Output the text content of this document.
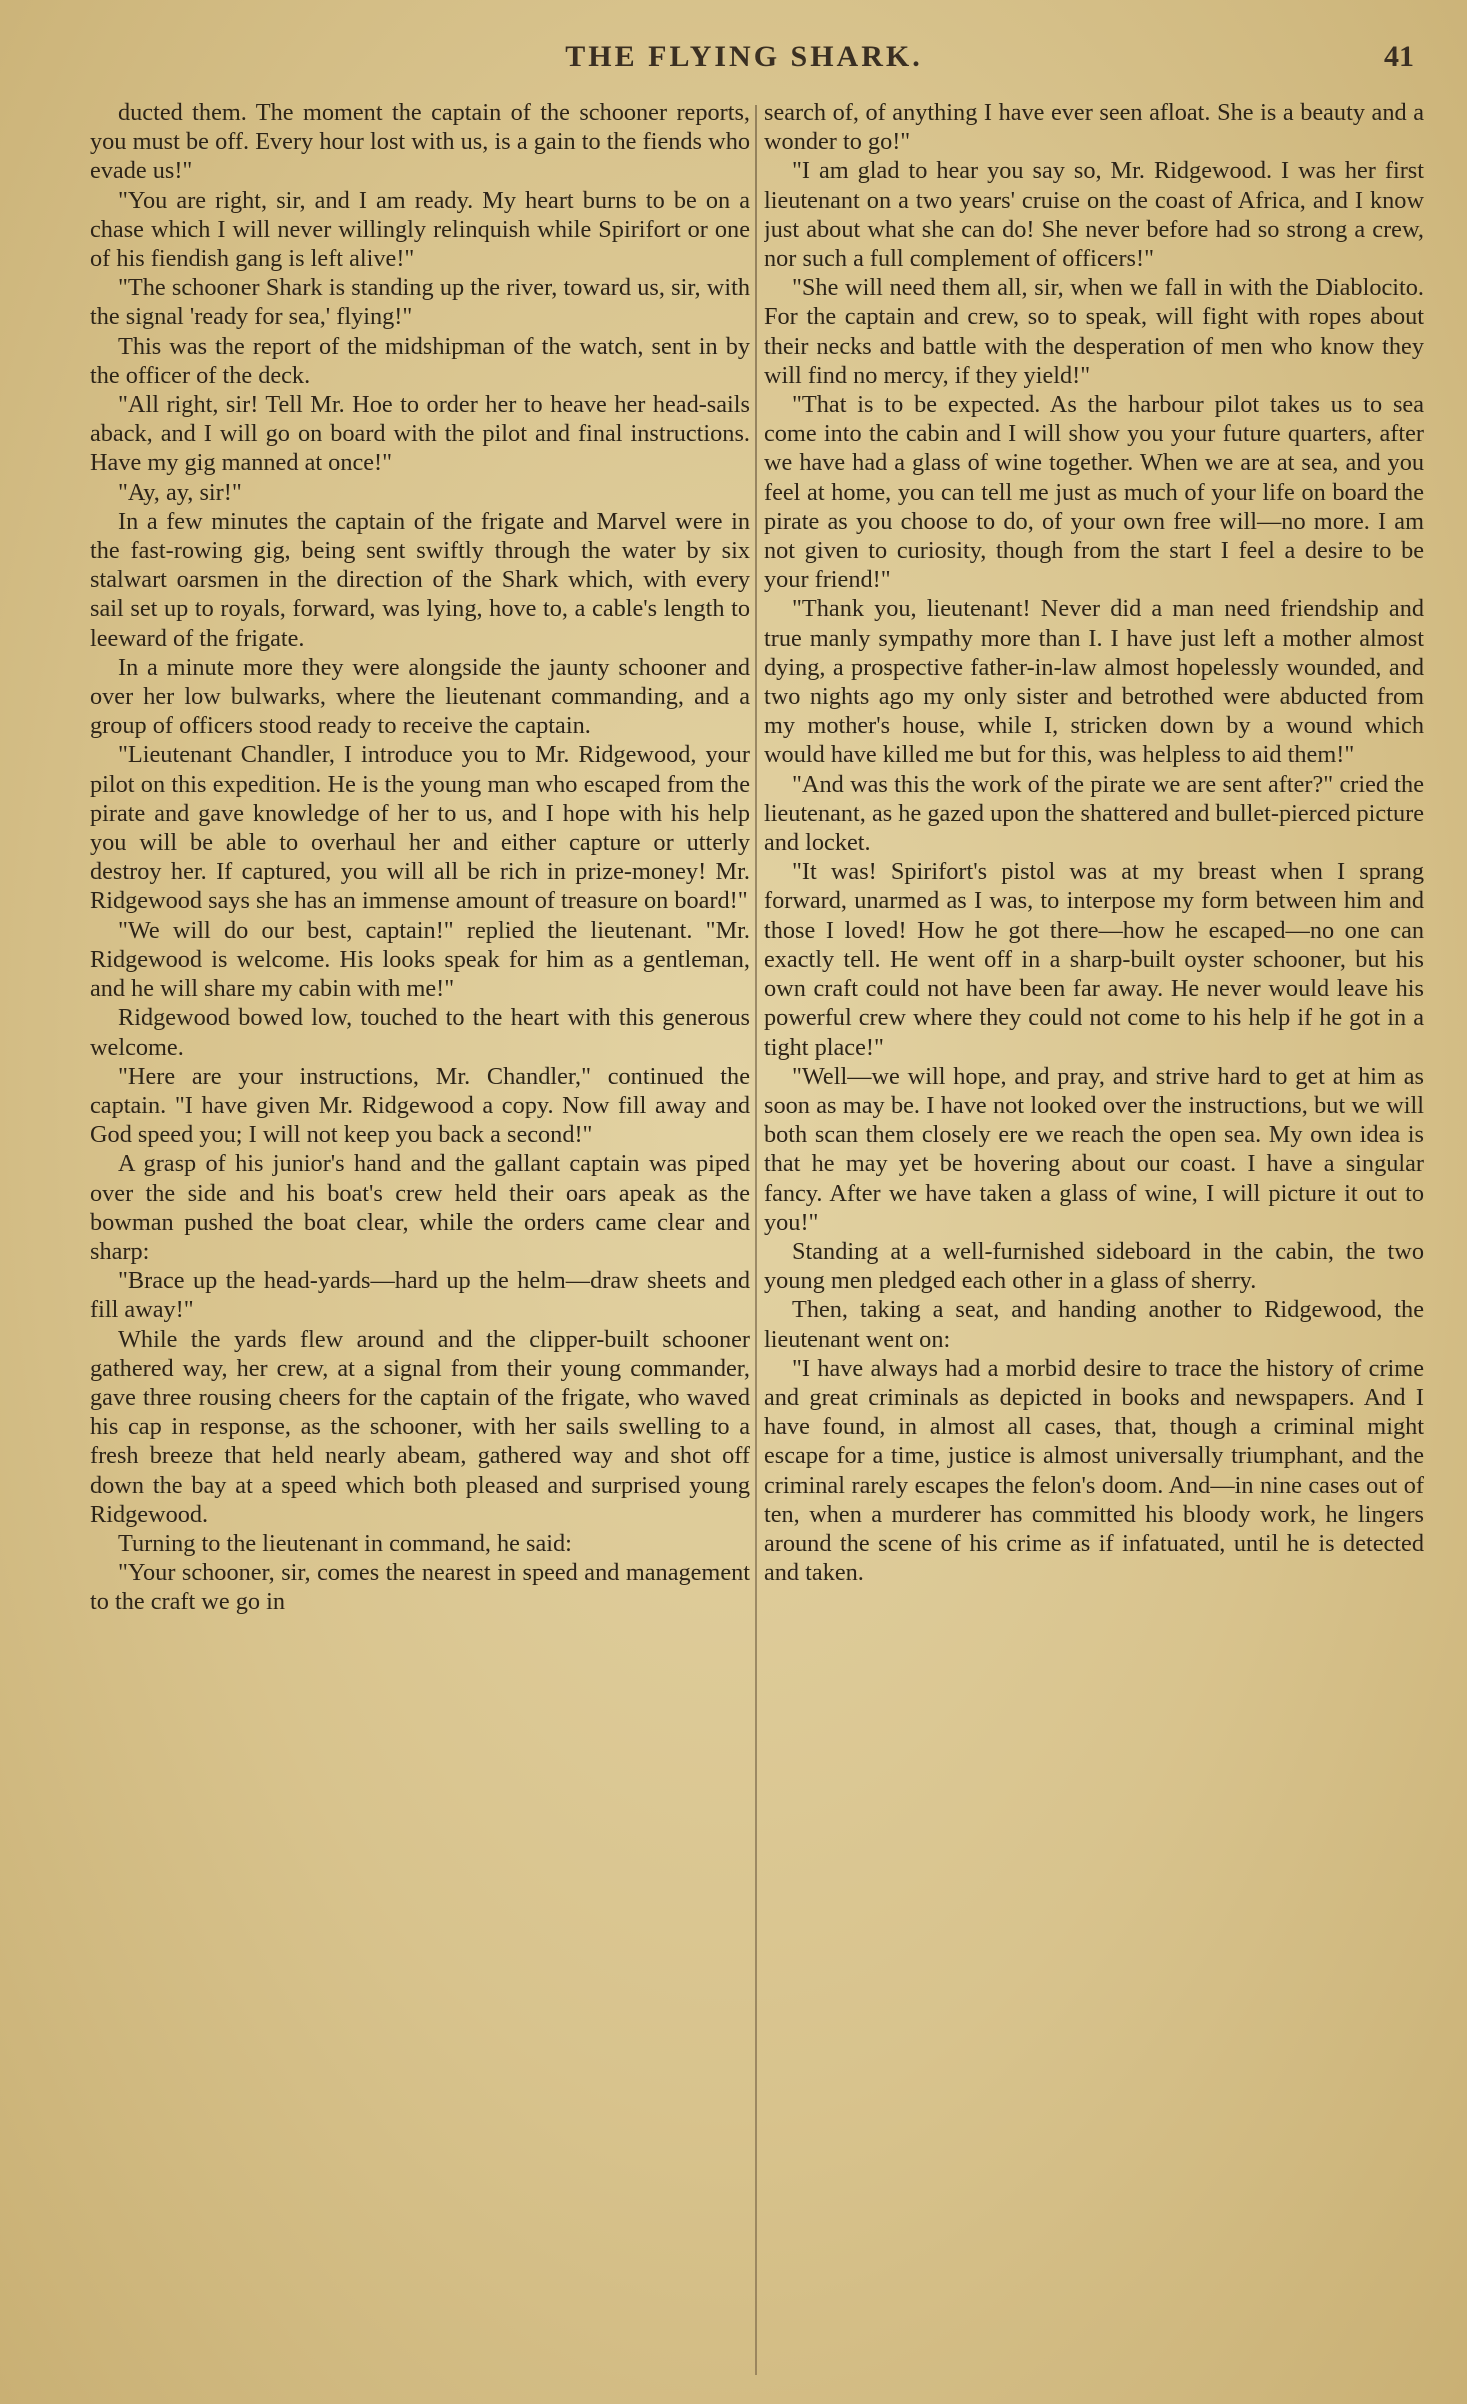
THE FLYING SHARK.	41

ducted them. The moment the captain of the schooner reports, you must be off. Every hour lost with us, is a gain to the fiends who evade us!"

"You are right, sir, and I am ready. My heart burns to be on a chase which I will never willingly relinquish while Spirifort or one of his fiendish gang is left alive!"

"The schooner Shark is standing up the river, toward us, sir, with the signal 'ready for sea,' flying!"

This was the report of the midshipman of the watch, sent in by the officer of the deck.

"All right, sir! Tell Mr. Hoe to order her to heave her head-sails aback, and I will go on board with the pilot and final instructions. Have my gig manned at once!"

"Ay, ay, sir!"

In a few minutes the captain of the frigate and Marvel were in the fast-rowing gig, being sent swiftly through the water by six stalwart oarsmen in the direction of the Shark which, with every sail set up to royals, forward, was lying, hove to, a cable's length to leeward of the frigate.

In a minute more they were alongside the jaunty schooner and over her low bulwarks, where the lieutenant commanding, and a group of officers stood ready to receive the captain.

"Lieutenant Chandler, I introduce you to Mr. Ridgewood, your pilot on this expedition. He is the young man who escaped from the pirate and gave knowledge of her to us, and I hope with his help you will be able to overhaul her and either capture or utterly destroy her. If captured, you will all be rich in prize-money! Mr. Ridgewood says she has an immense amount of treasure on board!"

"We will do our best, captain!" replied the lieutenant. "Mr. Ridgewood is welcome. His looks speak for him as a gentleman, and he will share my cabin with me!"

Ridgewood bowed low, touched to the heart with this generous welcome.

"Here are your instructions, Mr. Chandler," continued the captain. "I have given Mr. Ridgewood a copy. Now fill away and God speed you; I will not keep you back a second!"

A grasp of his junior's hand and the gallant captain was piped over the side and his boat's crew held their oars apeak as the bowman pushed the boat clear, while the orders came clear and sharp:

"Brace up the head-yards—hard up the helm—draw sheets and fill away!"

While the yards flew around and the clipper-built schooner gathered way, her crew, at a signal from their young commander, gave three rousing cheers for the captain of the frigate, who waved his cap in response, as the schooner, with her sails swelling to a fresh breeze that held nearly abeam, gathered way and shot off down the bay at a speed which both pleased and surprised young Ridgewood.

Turning to the lieutenant in command, he said:

"Your schooner, sir, comes the nearest in speed and management to the craft we go in

search of, of anything I have ever seen afloat. She is a beauty and a wonder to go!"

"I am glad to hear you say so, Mr. Ridgewood. I was her first lieutenant on a two years' cruise on the coast of Africa, and I know just about what she can do! She never before had so strong a crew, nor such a full complement of officers!"

"She will need them all, sir, when we fall in with the Diablocito. For the captain and crew, so to speak, will fight with ropes about their necks and battle with the desperation of men who know they will find no mercy, if they yield!"

"That is to be expected. As the harbour pilot takes us to sea come into the cabin and I will show you your future quarters, after we have had a glass of wine together. When we are at sea, and you feel at home, you can tell me just as much of your life on board the pirate as you choose to do, of your own free will—no more. I am not given to curiosity, though from the start I feel a desire to be your friend!"

"Thank you, lieutenant! Never did a man need friendship and true manly sympathy more than I. I have just left a mother almost dying, a prospective father-in-law almost hopelessly wounded, and two nights ago my only sister and betrothed were abducted from my mother's house, while I, stricken down by a wound which would have killed me but for this, was helpless to aid them!"

"And was this the work of the pirate we are sent after?" cried the lieutenant, as he gazed upon the shattered and bullet-pierced picture and locket.

"It was! Spirifort's pistol was at my breast when I sprang forward, unarmed as I was, to interpose my form between him and those I loved! How he got there—how he escaped—no one can exactly tell. He went off in a sharp-built oyster schooner, but his own craft could not have been far away. He never would leave his powerful crew where they could not come to his help if he got in a tight place!"

"Well—we will hope, and pray, and strive hard to get at him as soon as may be. I have not looked over the instructions, but we will both scan them closely ere we reach the open sea. My own idea is that he may yet be hovering about our coast. I have a singular fancy. After we have taken a glass of wine, I will picture it out to you!"

Standing at a well-furnished sideboard in the cabin, the two young men pledged each other in a glass of sherry.

Then, taking a seat, and handing another to Ridgewood, the lieutenant went on:

"I have always had a morbid desire to trace the history of crime and great criminals as depicted in books and newspapers. And I have found, in almost all cases, that, though a criminal might escape for a time, justice is almost universally triumphant, and the criminal rarely escapes the felon's doom. And—in nine cases out of ten, when a murderer has committed his bloody work, he lingers around the scene of his crime as if infatuated, until he is detected and taken.
